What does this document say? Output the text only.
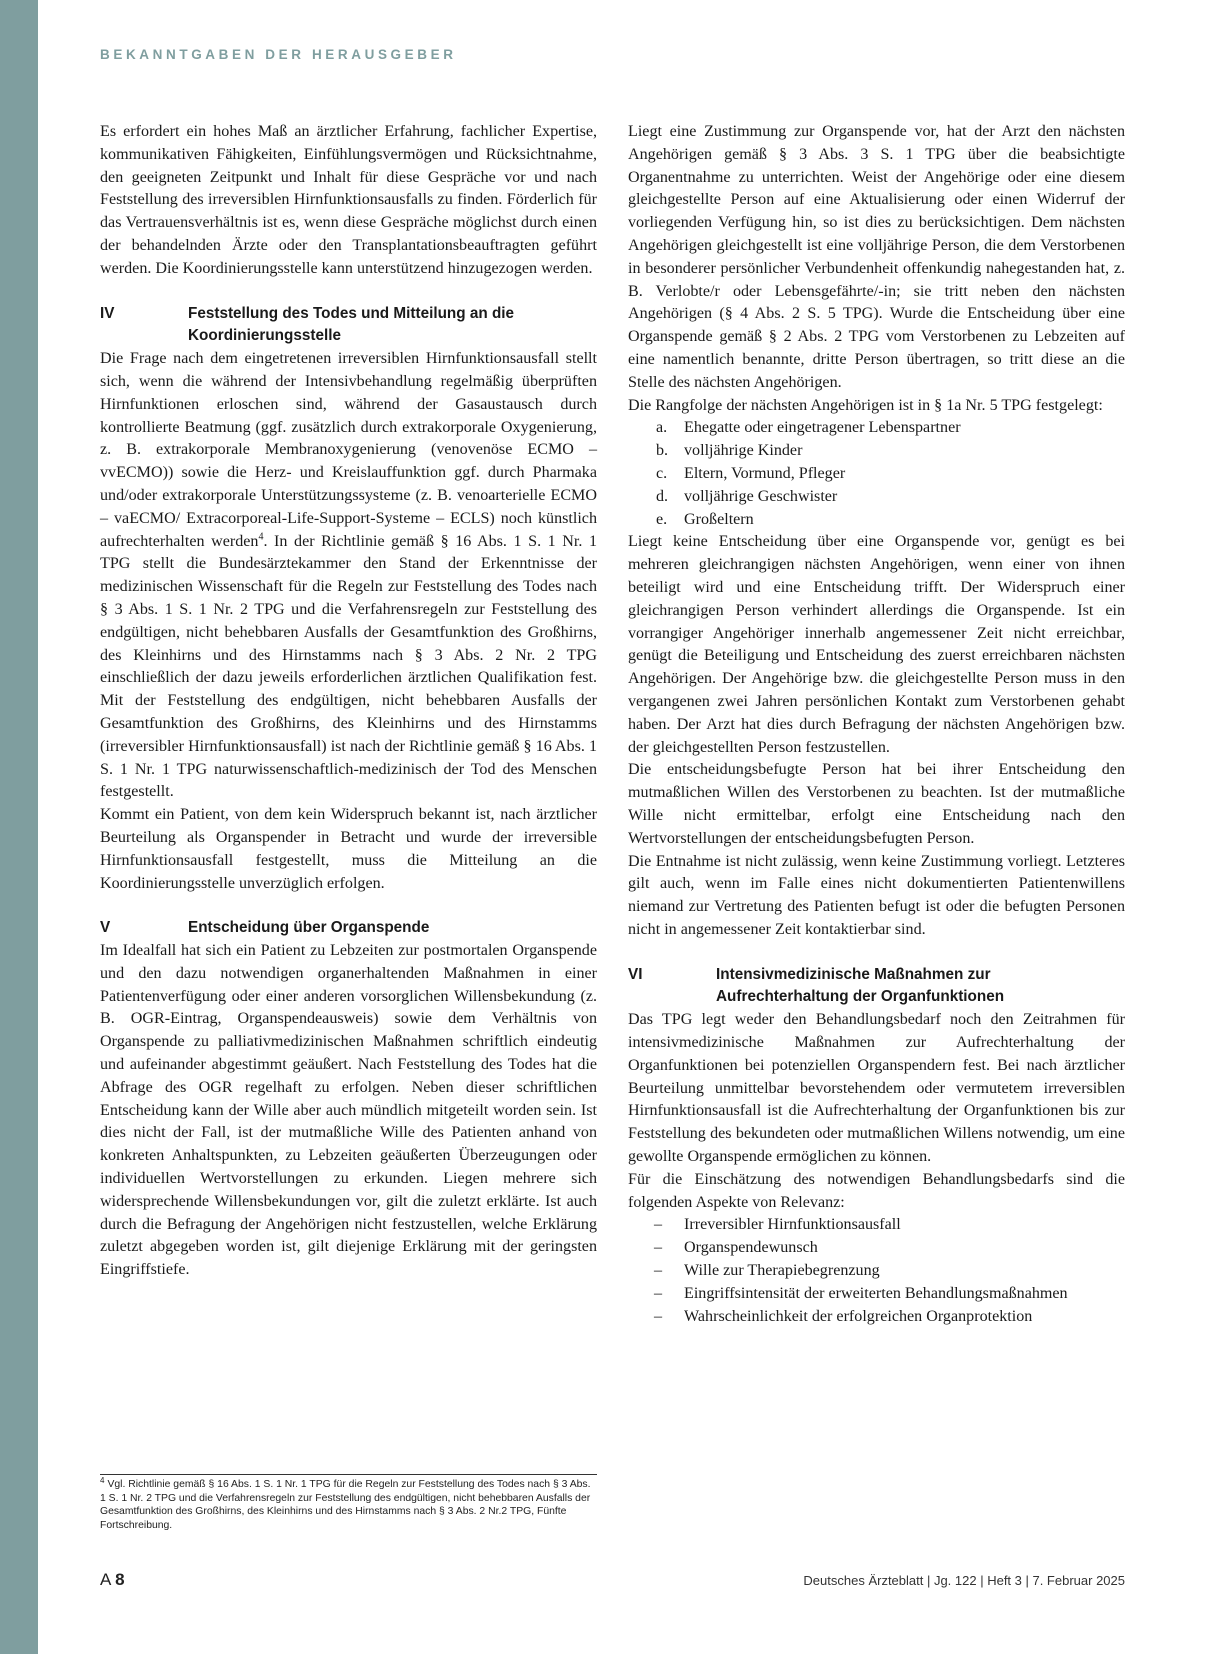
BEKANNTGABEN DER HERAUSGEBER

Es erfordert ein hohes Maß an ärztlicher Erfahrung, fachlicher Expertise, kommunikativen Fähigkeiten, Einfühlungsvermögen und Rücksichtnahme, den geeigneten Zeitpunkt und Inhalt für diese Gespräche vor und nach Feststellung des irreversiblen Hirnfunktionsausfalls zu finden. Förderlich für das Vertrauensverhältnis ist es, wenn diese Gespräche möglichst durch einen der behandelnden Ärzte oder den Transplantationsbeauftragten geführt werden. Die Koordinierungsstelle kann unterstützend hinzugezogen werden.

IV	Feststellung des Todes und Mitteilung an die Koordinierungsstelle

Die Frage nach dem eingetretenen irreversiblen Hirnfunktionsausfall stellt sich, wenn die während der Intensivbehandlung regelmäßig überprüften Hirnfunktionen erloschen sind, während der Gasaustausch durch kontrollierte Beatmung (ggf. zusätzlich durch extrakorporale Oxygenierung, z. B. extrakorporale Membranoxygenierung (venovenöse ECMO – vvECMO)) sowie die Herz- und Kreislauffunktion ggf. durch Pharmaka und/oder extrakorporale Unterstützungssysteme (z. B. venoarterielle ECMO – vaECMO/ Extracorporeal-Life-Support-Systeme – ECLS) noch künstlich aufrechterhalten werden$^4$. In der Richtlinie gemäß § 16 Abs. 1 S. 1 Nr. 1 TPG stellt die Bundesärztekammer den Stand der Erkenntnisse der medizinischen Wissenschaft für die Regeln zur Feststellung des Todes nach § 3 Abs. 1 S. 1 Nr. 2 TPG und die Verfahrensregeln zur Feststellung des endgültigen, nicht behebbaren Ausfalls der Gesamtfunktion des Großhirns, des Kleinhirns und des Hirnstamms nach § 3 Abs. 2 Nr. 2 TPG einschließlich der dazu jeweils erforderlichen ärztlichen Qualifikation fest. Mit der Feststellung des endgültigen, nicht behebbaren Ausfalls der Gesamtfunktion des Großhirns, des Kleinhirns und des Hirnstamms (irreversibler Hirnfunktionsausfall) ist nach der Richtlinie gemäß § 16 Abs. 1 S. 1 Nr. 1 TPG naturwissenschaftlich-medizinisch der Tod des Menschen festgestellt.

Kommt ein Patient, von dem kein Widerspruch bekannt ist, nach ärztlicher Beurteilung als Organspender in Betracht und wurde der irreversible Hirnfunktionsausfall festgestellt, muss die Mitteilung an die Koordinierungsstelle unverzüglich erfolgen.

V	Entscheidung über Organspende

Im Idealfall hat sich ein Patient zu Lebzeiten zur postmortalen Organspende und den dazu notwendigen organerhaltenden Maßnahmen in einer Patientenverfügung oder einer anderen vorsorglichen Willensbekundung (z. B. OGR-Eintrag, Organspendeausweis) sowie dem Verhältnis von Organspende zu palliativmedizinischen Maßnahmen schriftlich eindeutig und aufeinander abgestimmt geäußert. Nach Feststellung des Todes hat die Abfrage des OGR regelhaft zu erfolgen. Neben dieser schriftlichen Entscheidung kann der Wille aber auch mündlich mitgeteilt worden sein. Ist dies nicht der Fall, ist der mutmaßliche Wille des Patienten anhand von konkreten Anhaltspunkten, zu Lebzeiten geäußerten Überzeugungen oder individuellen Wertvorstellungen zu erkunden. Liegen mehrere sich widersprechende Willensbekundungen vor, gilt die zuletzt erklärte. Ist auch durch die Befragung der Angehörigen nicht festzustellen, welche Erklärung zuletzt abgegeben worden ist, gilt diejenige Erklärung mit der geringsten Eingriffstiefe.

$^4$ Vgl. Richtlinie gemäß § 16 Abs. 1 S. 1 Nr. 1 TPG für die Regeln zur Feststellung des Todes nach § 3 Abs. 1 S. 1 Nr. 2 TPG und die Verfahrensregeln zur Feststellung des endgültigen, nicht behebbaren Ausfalls der Gesamtfunktion des Großhirns, des Kleinhirns und des Hirnstamms nach § 3 Abs. 2 Nr.2 TPG, Fünfte Fortschreibung.

Liegt eine Zustimmung zur Organspende vor, hat der Arzt den nächsten Angehörigen gemäß § 3 Abs. 3 S. 1 TPG über die beabsichtigte Organentnahme zu unterrichten. Weist der Angehörige oder eine diesem gleichgestellte Person auf eine Aktualisierung oder einen Widerruf der vorliegenden Verfügung hin, so ist dies zu berücksichtigen. Dem nächsten Angehörigen gleichgestellt ist eine volljährige Person, die dem Verstorbenen in besonderer persönlicher Verbundenheit offenkundig nahegestanden hat, z. B. Verlobte/r oder Lebensgefährte/-in; sie tritt neben den nächsten Angehörigen (§ 4 Abs. 2 S. 5 TPG). Wurde die Entscheidung über eine Organspende gemäß § 2 Abs. 2 TPG vom Verstorbenen zu Lebzeiten auf eine namentlich benannte, dritte Person übertragen, so tritt diese an die Stelle des nächsten Angehörigen.

Die Rangfolge der nächsten Angehörigen ist in § 1a Nr. 5 TPG festgelegt:

a.	Ehegatte oder eingetragener Lebenspartner
b. volljährige Kinder
c.	Eltern, Vormund, Pfleger
d. volljährige Geschwister
e.	Großeltern

Liegt keine Entscheidung über eine Organspende vor, genügt es bei mehreren gleichrangigen nächsten Angehörigen, wenn einer von ihnen beteiligt wird und eine Entscheidung trifft. Der Widerspruch einer gleichrangigen Person verhindert allerdings die Organspende. Ist ein vorrangiger Angehöriger innerhalb angemessener Zeit nicht erreichbar, genügt die Beteiligung und Entscheidung des zuerst erreichbaren nächsten Angehörigen. Der Angehörige bzw. die gleichgestellte Person muss in den vergangenen zwei Jahren persönlichen Kontakt zum Verstorbenen gehabt haben. Der Arzt hat dies durch Befragung der nächsten Angehörigen bzw. der gleichgestellten Person festzustellen.

Die entscheidungsbefugte Person hat bei ihrer Entscheidung den mutmaßlichen Willen des Verstorbenen zu beachten. Ist der mutmaßliche Wille nicht ermittelbar, erfolgt eine Entscheidung nach den Wertvorstellungen der entscheidungsbefugten Person.

Die Entnahme ist nicht zulässig, wenn keine Zustimmung vorliegt. Letzteres gilt auch, wenn im Falle eines nicht dokumentierten Patientenwillens niemand zur Vertretung des Patienten befugt ist oder die befugten Personen nicht in angemessener Zeit kontaktierbar sind.

VI	Intensivmedizinische Maßnahmen zur Aufrechterhaltung der Organfunktionen

Das TPG legt weder den Behandlungsbedarf noch den Zeitrahmen für intensivmedizinische Maßnahmen zur Aufrechterhaltung der Organfunktionen bei potenziellen Organspendern fest. Bei nach ärztlicher Beurteilung unmittelbar bevorstehendem oder vermutetem irreversiblen Hirnfunktionsausfall ist die Aufrechterhaltung der Organfunktionen bis zur Feststellung des bekundeten oder mutmaßlichen Willens notwendig, um eine gewollte Organspende ermöglichen zu können.

Für die Einschätzung des notwendigen Behandlungsbedarfs sind die folgenden Aspekte von Relevanz:

–	Irreversibler Hirnfunktionsausfall
–	Organspendewunsch
–	Wille zur Therapiebegrenzung
–	Eingriffsintensität der erweiterten Behandlungsmaßnahmen
–	Wahrscheinlichkeit der erfolgreichen Organprotektion
A 8	Deutsches Ärzteblatt | Jg. 122 | Heft 3 | 7. Februar 2025
